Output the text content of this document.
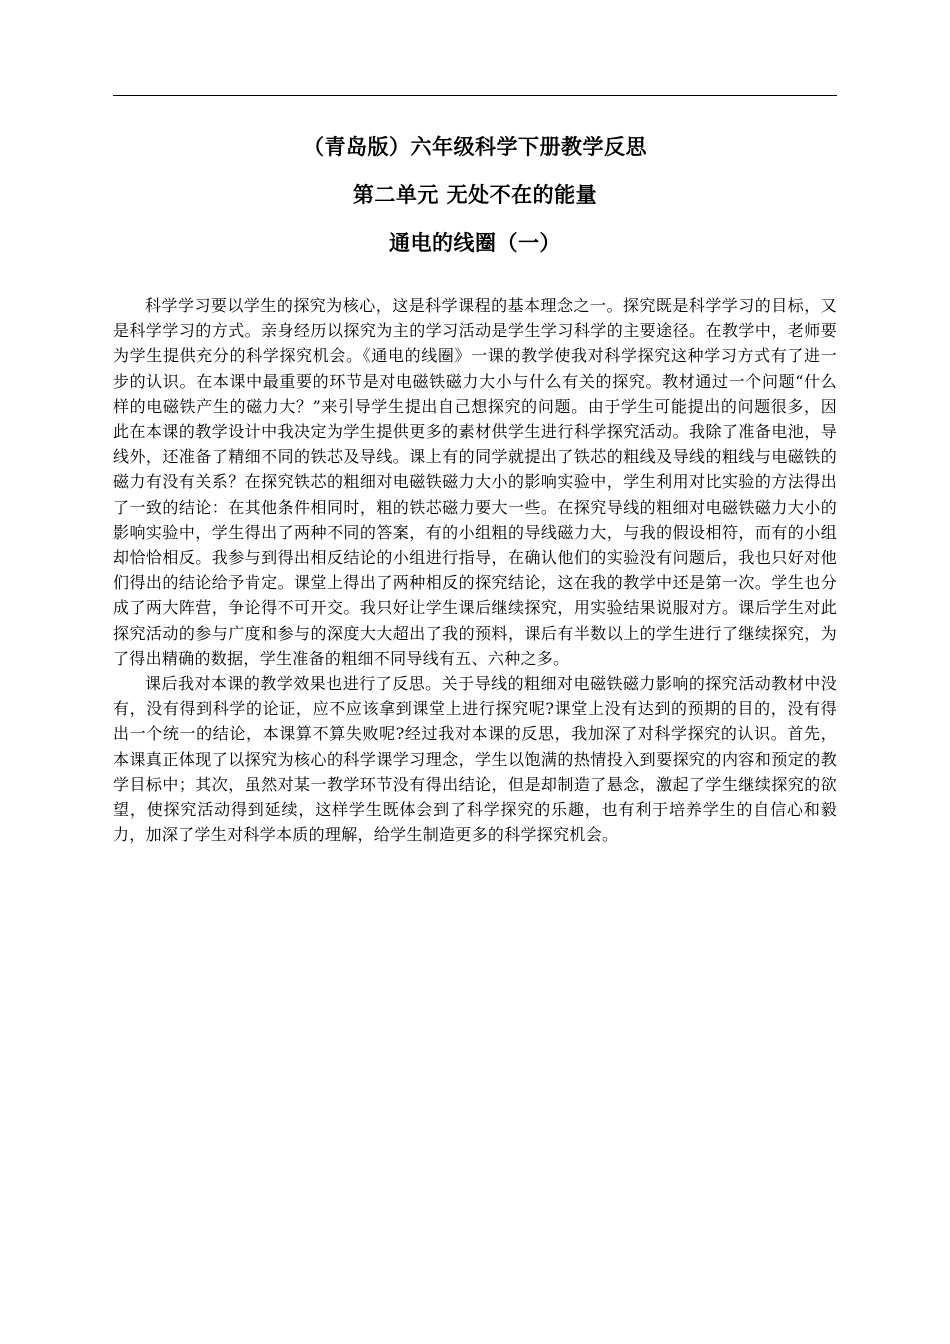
（青岛版）六年级科学下册教学反思
第二单元 无处不在的能量
通电的线圈（一）

科学学习要以学生的探究为核心，这是科学课程的基本理念之一。探究既是科学学习的目标，又是科学学习的方式。亲身经历以探究为主的学习活动是学生学习科学的主要途径。在教学中，老师要为学生提供充分的科学探究机会。《通电的线圈》一课的教学使我对科学探究这种学习方式有了进一步的认识。在本课中最重要的环节是对电磁铁磁力大小与什么有关的探究。教材通过一个问题“什么样的电磁铁产生的磁力大？”来引导学生提出自己想探究的问题。由于学生可能提出的问题很多，因此在本课的教学设计中我决定为学生提供更多的素材供学生进行科学探究活动。我除了准备电池，导线外，还准备了精细不同的铁芯及导线。课上有的同学就提出了铁芯的粗线及导线的粗线与电磁铁的磁力有没有关系？在探究铁芯的粗细对电磁铁磁力大小的影响实验中，学生利用对比实验的方法得出了一致的结论：在其他条件相同时，粗的铁芯磁力要大一些。在探究导线的粗细对电磁铁磁力大小的影响实验中，学生得出了两种不同的答案，有的小组粗的导线磁力大，与我的假设相符，而有的小组却恰恰相反。我参与到得出相反结论的小组进行指导，在确认他们的实验没有问题后，我也只好对他们得出的结论给予肯定。课堂上得出了两种相反的探究结论，这在我的教学中还是第一次。学生也分成了两大阵营，争论得不可开交。我只好让学生课后继续探究，用实验结果说服对方。课后学生对此探究活动的参与广度和参与的深度大大超出了我的预料，课后有半数以上的学生进行了继续探究，为了得出精确的数据，学生准备的粗细不同导线有五、六种之多。

课后我对本课的教学效果也进行了反思。关于导线的粗细对电磁铁磁力影响的探究活动教材中没有，没有得到科学的论证，应不应该拿到课堂上进行探究呢?课堂上没有达到的预期的目的，没有得出一个统一的结论，本课算不算失败呢?经过我对本课的反思，我加深了对科学探究的认识。首先，本课真正体现了以探究为核心的科学课学习理念，学生以饱满的热情投入到要探究的内容和预定的教学目标中；其次，虽然对某一教学环节没有得出结论，但是却制造了悬念，激起了学生继续探究的欲望，使探究活动得到延续，这样学生既体会到了科学探究的乐趣，也有利于培养学生的自信心和毅力，加深了学生对科学本质的理解，给学生制造更多的科学探究机会。
